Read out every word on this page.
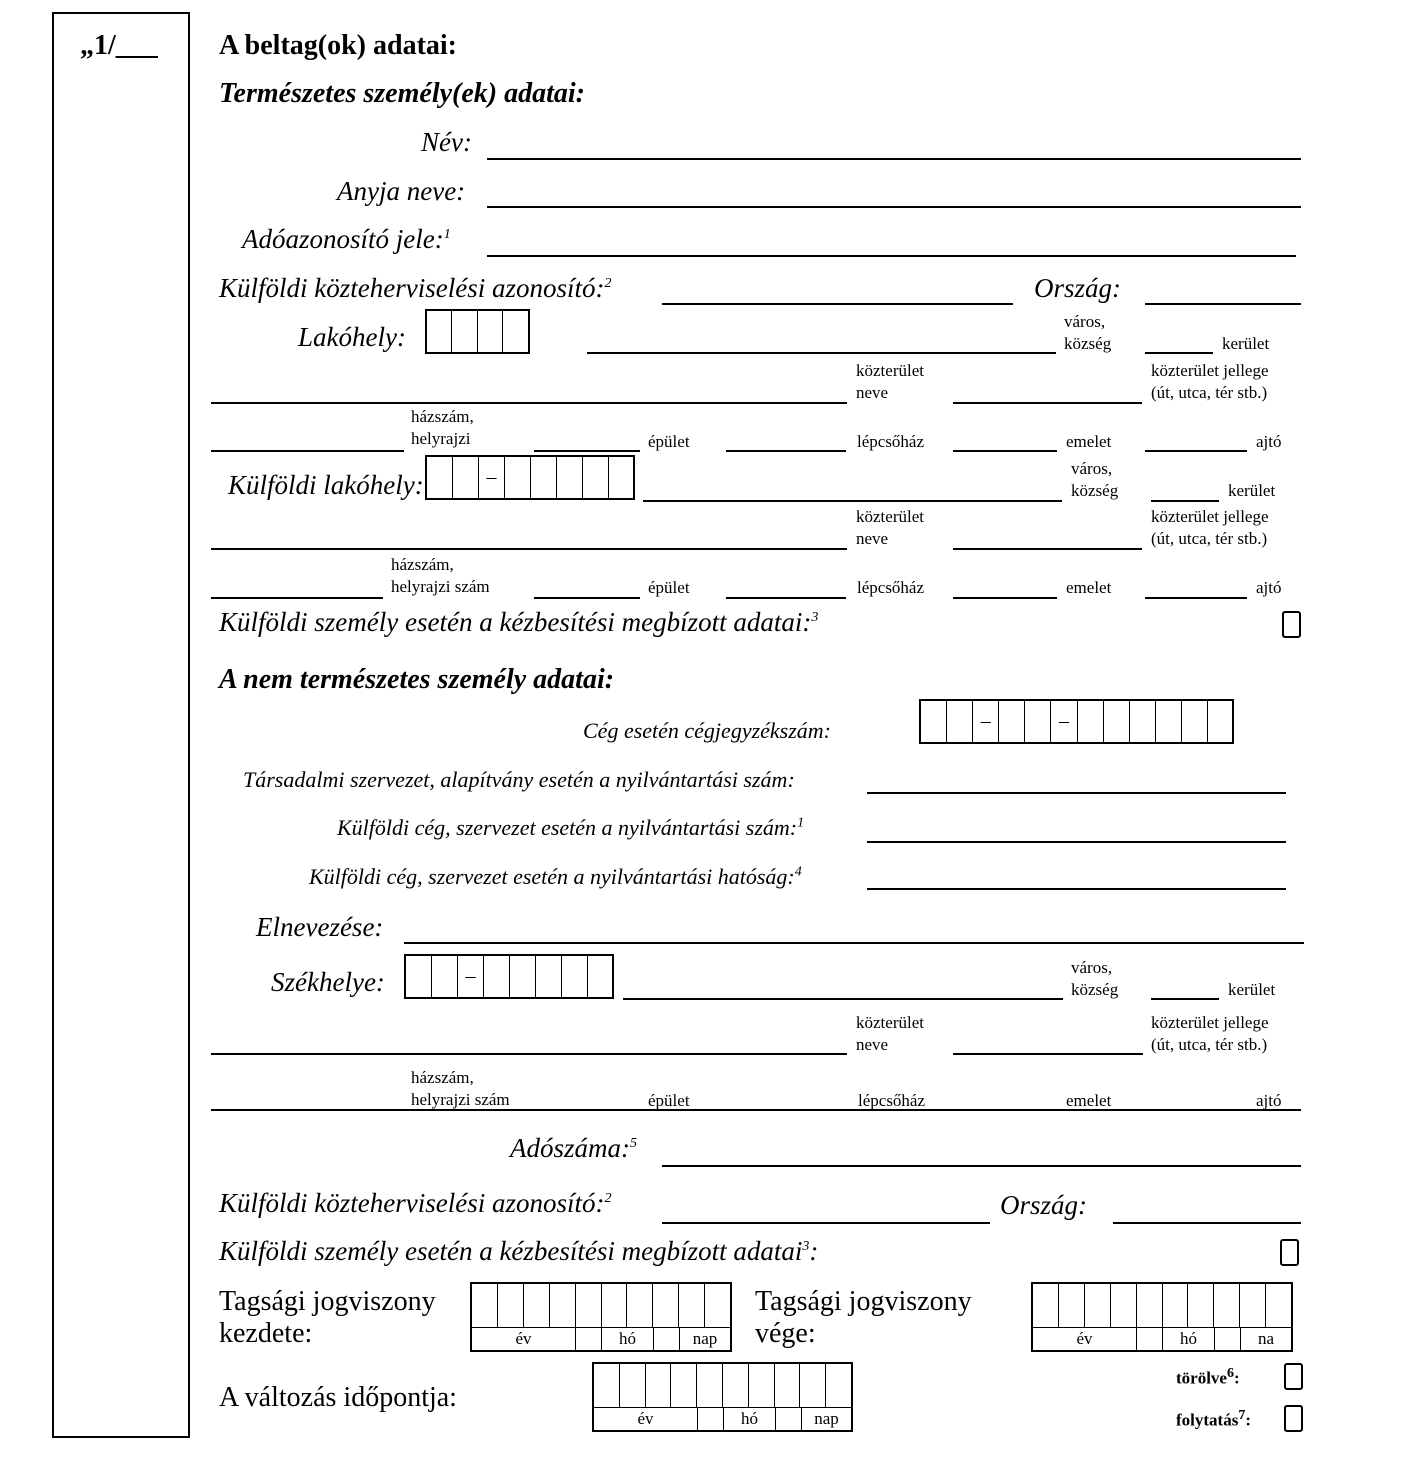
„1/___ A beltag(ok) adatai:
Természetes személy(ek) adatai:
Név:
Anyja neve:
Adóazonosító jele:$^1$
Külföldi közteherviselési azonosító:$^2$	Ország:
Lakóhely:
város,
község	kerület
közterület
neve
közterület jellege
(út, utca, tér stb.)
házszám,
helyrajzi	épület	lépcsőház	emelet	ajtó
Külföldi lakóhely:	–	város,
község	kerület
közterület
neve
közterület jellege
(út, utca, tér stb.)
házszám,
helyrajzi szám	épület	lépcsőház	emelet	ajtó
Külföldi személy esetén a kézbesítési megbízott adatai:$^3$
A nem természetes személy adatai:
Cég esetén cégjegyzékszám:	–	–
Társadalmi szervezet, alapítvány esetén a nyilvántartási szám:
Külföldi cég, szervezet esetén a nyilvántartási szám:$^1$
Külföldi cég, szervezet esetén a nyilvántartási hatóság:$^4$
Elnevezése:
Székhelye:	–	város,
község	kerület
közterület
neve
közterület jellege
(út, utca, tér stb.)
házszám,
helyrajzi szám	épület	lépcsőház	emelet	ajtó
Adószáma:$^5$
Külföldi közteherviselési azonosító:$^2$	Ország:
Külföldi személy esetén a kézbesítési megbízott adatai$^3$:
Tagsági jogviszony
kezdete:	év	hó	nap
Tagsági jogviszony
vége:	év	hó	na
A változás időpontja:
év	hó	nap
törölve$^6$:
folytatás$^7$:
